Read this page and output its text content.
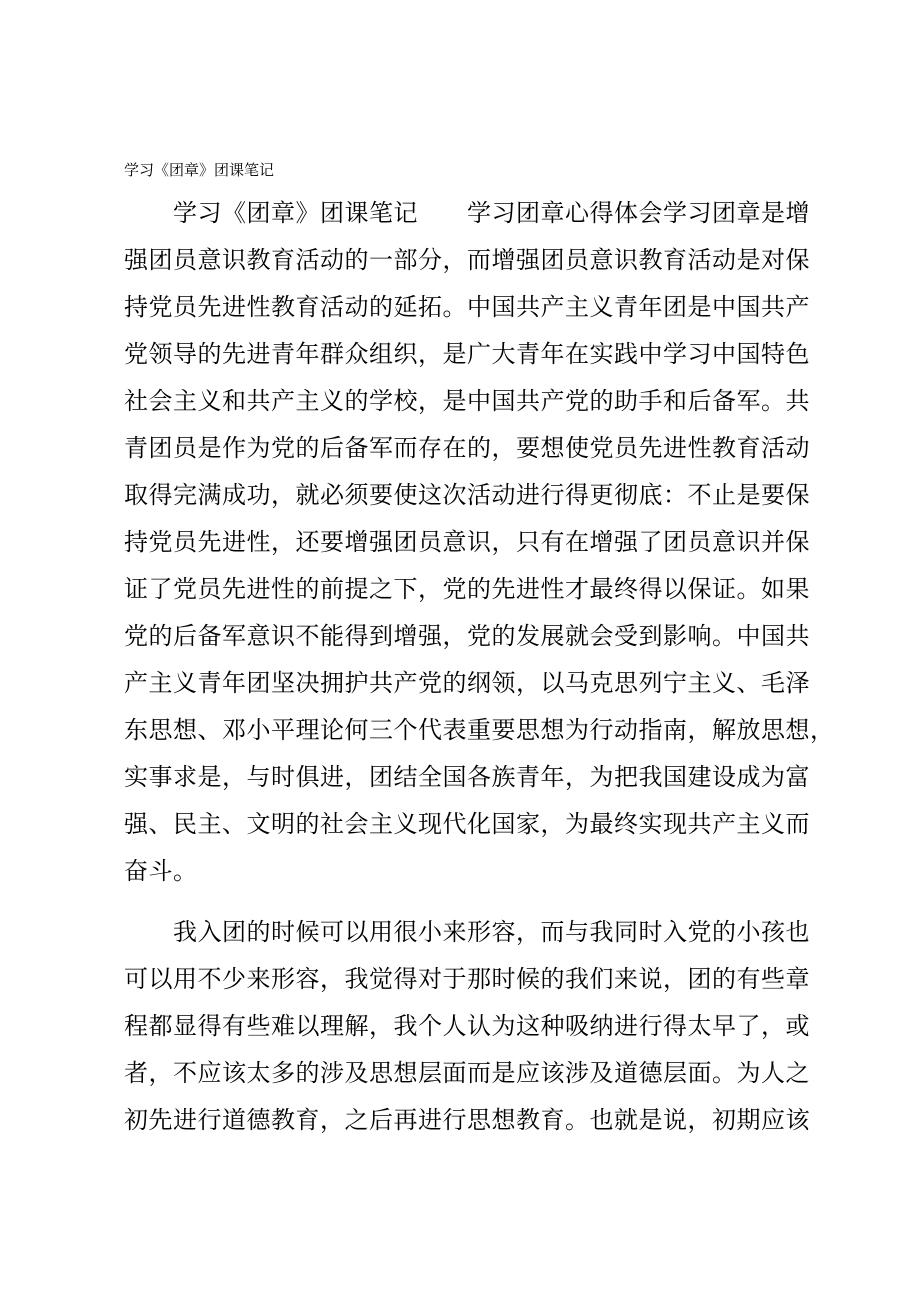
学习《团章》团课笔记
　　学习《团章》团课笔记　　学习团章心得体会学习团章是增
强团员意识教育活动的一部分，而增强团员意识教育活动是对保
持党员先进性教育活动的延拓。中国共产主义青年团是中国共产
党领导的先进青年群众组织，是广大青年在实践中学习中国特色
社会主义和共产主义的学校，是中国共产党的助手和后备军。共
青团员是作为党的后备军而存在的，要想使党员先进性教育活动
取得完满成功，就必须要使这次活动进行得更彻底：不止是要保
持党员先进性，还要增强团员意识，只有在增强了团员意识并保
证了党员先进性的前提之下，党的先进性才最终得以保证。如果
党的后备军意识不能得到增强，党的发展就会受到影响。中国共
产主义青年团坚决拥护共产党的纲领，以马克思列宁主义、毛泽
东思想、邓小平理论何三个代表重要思想为行动指南，解放思想，
实事求是，与时俱进，团结全国各族青年，为把我国建设成为富
强、民主、文明的社会主义现代化国家，为最终实现共产主义而
奋斗。
　　我入团的时候可以用很小来形容，而与我同时入党的小孩也
可以用不少来形容，我觉得对于那时候的我们来说，团的有些章
程都显得有些难以理解，我个人认为这种吸纳进行得太早了，或
者，不应该太多的涉及思想层面而是应该涉及道德层面。为人之
初先进行道德教育，之后再进行思想教育。也就是说，初期应该
